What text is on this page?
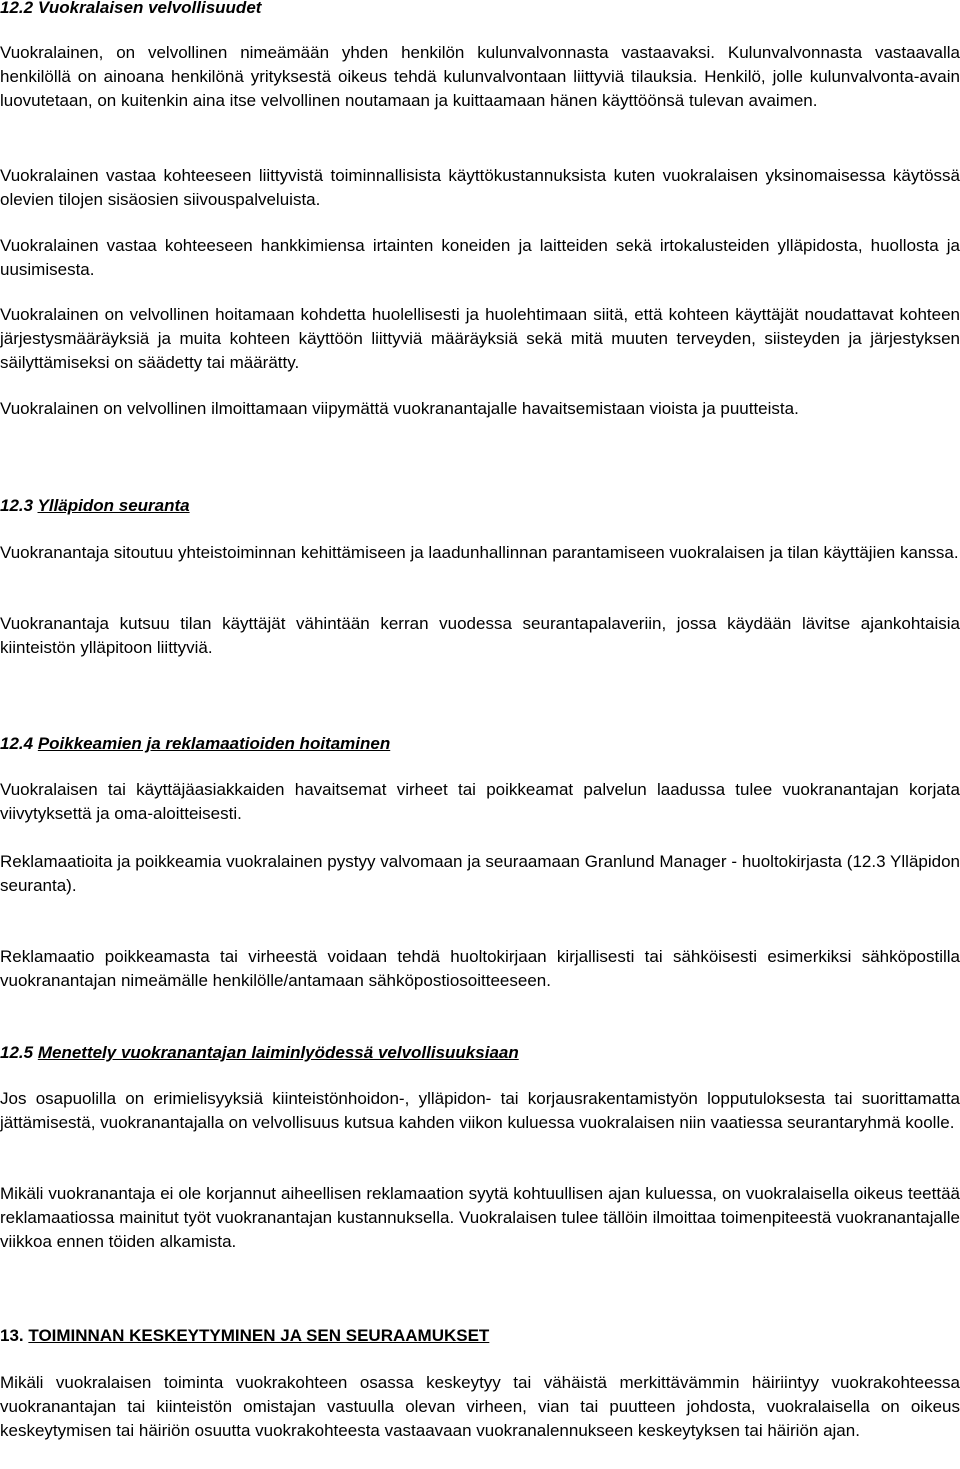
12.2 Vuokralaisen velvollisuudet

Vuokralainen, on velvollinen nimeämään yhden henkilön kulunvalvonnasta vastaavaksi. Kulunvalvonnasta vastaavalla henkilöllä on ainoana henkilönä yrityksestä oikeus tehdä kulunvalvontaan liittyviä tilauksia. Henkilö, jolle kulunvalvonta-avain luovutetaan, on kuitenkin aina itse velvollinen noutamaan ja kuittaamaan hänen käyttöönsä tulevan avaimen.

Vuokralainen vastaa kohteeseen liittyvistä toiminnallisista käyttökustannuksista kuten vuokralaisen yksinomaisessa käytössä olevien tilojen sisäosien siivouspalveluista.

Vuokralainen vastaa kohteeseen hankkimiensa irtainten koneiden ja laitteiden sekä irtokalusteiden ylläpidosta, huollosta ja uusimisesta.

Vuokralainen on velvollinen hoitamaan kohdetta huolellisesti ja huolehtimaan siitä, että kohteen käyttäjät noudattavat kohteen järjestysmääräyksiä ja muita kohteen käyttöön liittyviä määräyksiä sekä mitä muuten terveyden, siisteyden ja järjestyksen säilyttämiseksi on säädetty tai määrätty.

Vuokralainen on velvollinen ilmoittamaan viipymättä vuokranantajalle havaitsemistaan vioista ja puutteista.

12.3 Ylläpidon seuranta

Vuokranantaja sitoutuu yhteistoiminnan kehittämiseen ja laadunhallinnan parantamiseen vuokralaisen ja tilan käyttäjien kanssa.

Vuokranantaja kutsuu tilan käyttäjät vähintään kerran vuodessa seurantapalaveriin, jossa käydään lävitse ajankohtaisia kiinteistön ylläpitoon liittyviä.

12.4 Poikkeamien ja reklamaatioiden hoitaminen

Vuokralaisen tai käyttäjäasiakkaiden havaitsemat virheet tai poikkeamat palvelun laadussa tulee vuokranantajan korjata viivytyksettä ja oma-aloitteisesti.

Reklamaatioita ja poikkeamia vuokralainen pystyy valvomaan ja seuraamaan Granlund Manager - huoltokirjasta (12.3 Ylläpidon seuranta).

Reklamaatio poikkeamasta tai virheestä voidaan tehdä huoltokirjaan kirjallisesti tai sähköisesti esimerkiksi sähköpostilla vuokranantajan nimeämälle henkilölle/antamaan sähköpostiosoitteeseen.

12.5 Menettely vuokranantajan laiminlyödessä velvollisuuksiaan

Jos osapuolilla on erimielisyyksiä kiinteistönhoidon-, ylläpidon- tai korjausrakentamistyön lopputuloksesta tai suorittamatta jättämisestä, vuokranantajalla on velvollisuus kutsua kahden viikon kuluessa vuokralaisen niin vaatiessa seurantaryhmä koolle.

Mikäli vuokranantaja ei ole korjannut aiheellisen reklamaation syytä kohtuullisen ajan kuluessa, on vuokralaisella oikeus teettää reklamaatiossa mainitut työt vuokranantajan kustannuksella. Vuokralaisen tulee tällöin ilmoittaa toimenpiteestä vuokranantajalle viikkoa ennen töiden alkamista.

13. TOIMINNAN KESKEYTYMINEN JA SEN SEURAAMUKSET

Mikäli vuokralaisen toiminta vuokrakohteen osassa keskeytyy tai vähäistä merkittävämmin häiriintyy vuokrakohteessa vuokranantajan tai kiinteistön omistajan vastuulla olevan virheen, vian tai puutteen johdosta, vuokralaisella on oikeus keskeytymisen tai häiriön osuutta vuokrakohteesta vastaavaan vuokranalennukseen keskeytyksen tai häiriön ajan.
